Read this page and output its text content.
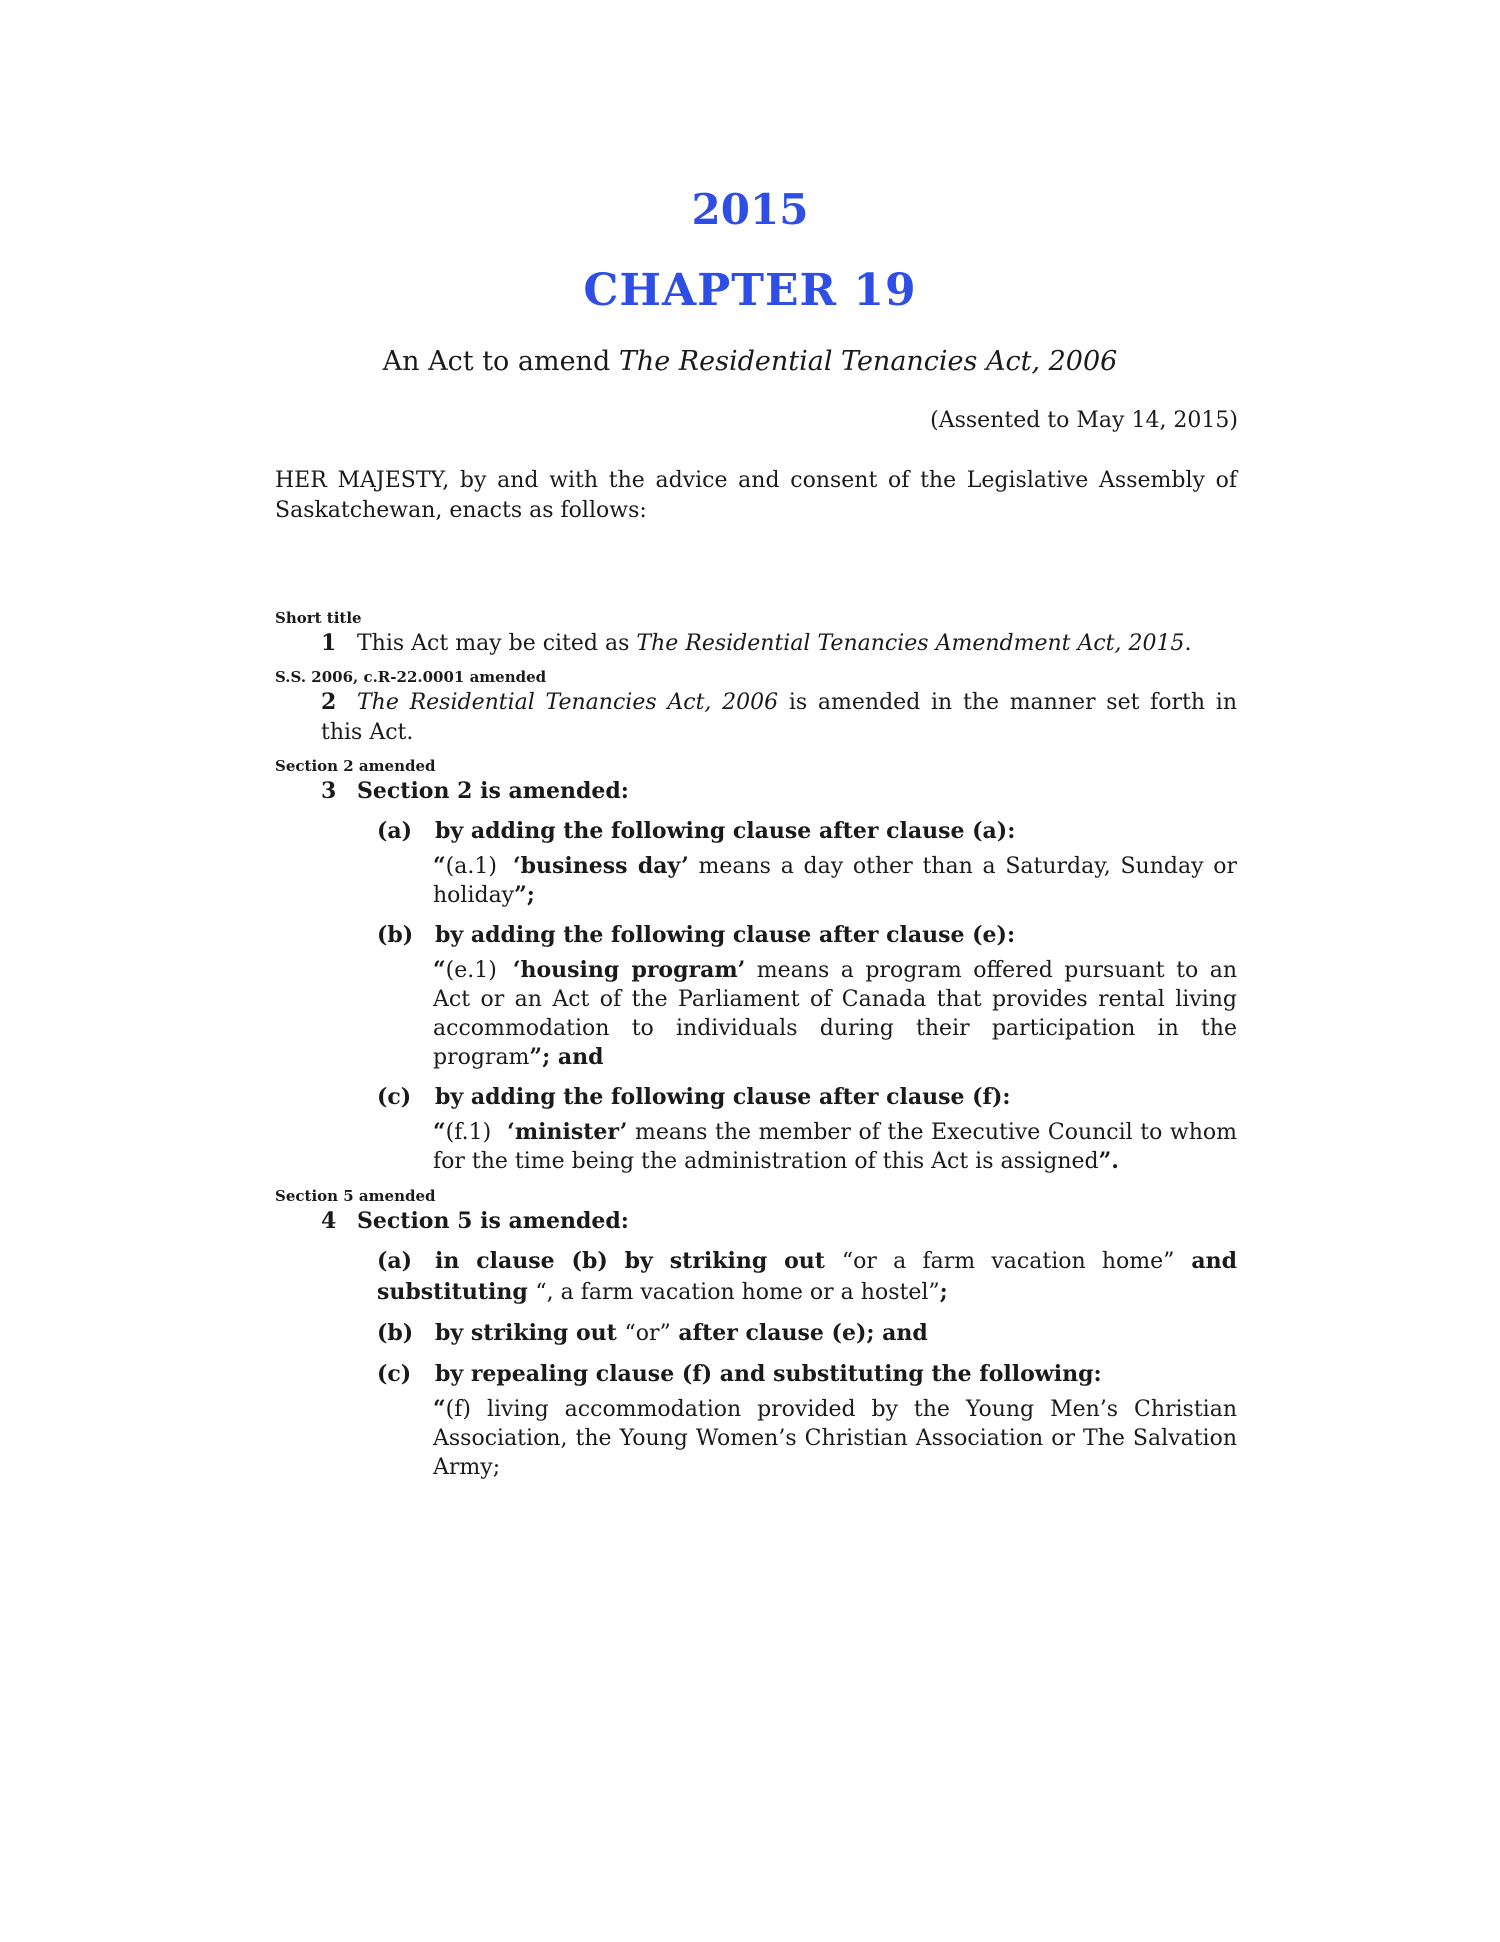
2015
CHAPTER 19

An Act to amend The Residential Tenancies Act, 2006

(Assented to May 14, 2015)

HER MAJESTY, by and with the advice and consent of the Legislative Assembly of Saskatchewan, enacts as follows:

Short title

1 This Act may be cited as The Residential Tenancies Amendment Act, 2015.

S.S. 2006, c.R-22.0001 amended

2 The Residential Tenancies Act, 2006 is amended in the manner set forth in this Act.

Section 2 amended

3 Section 2 is amended:

(a) by adding the following clause after clause (a):

“(a.1) ‘business day’ means a day other than a Saturday, Sunday or holiday”;

(b) by adding the following clause after clause (e):

“(e.1) ‘housing program’ means a program offered pursuant to an Act or an Act of the Parliament of Canada that provides rental living accommodation to individuals during their participation in the program”; and

(c) by adding the following clause after clause (f):

“(f.1) ‘minister’ means the member of the Executive Council to whom for the time being the administration of this Act is assigned”.

Section 5 amended

4 Section 5 is amended:

(a) in clause (b) by striking out “or a farm vacation home” and substituting “, a farm vacation home or a hostel”;

(b) by striking out “or” after clause (e); and

(c) by repealing clause (f) and substituting the following:

“(f) living accommodation provided by the Young Men’s Christian Association, the Young Women’s Christian Association or The Salvation Army;
